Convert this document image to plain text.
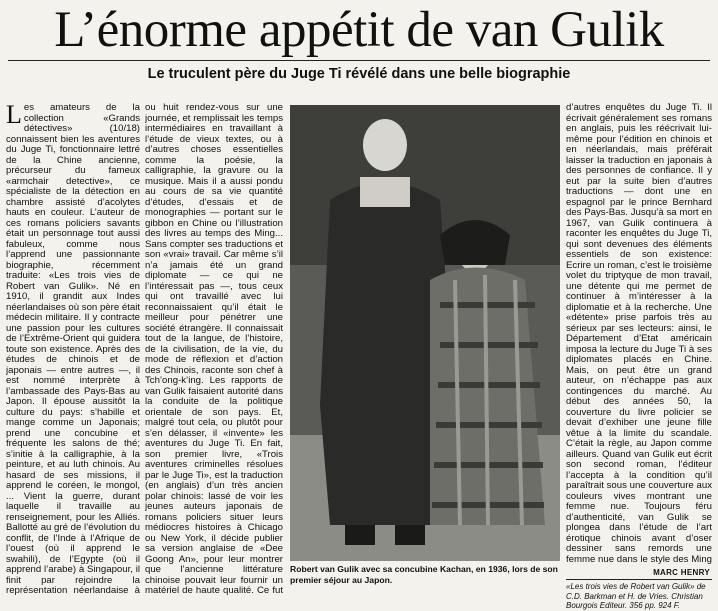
L’énorme appétit de van Gulik
Le truculent père du Juge Ti révélé dans une belle biographie

Les amateurs de la collection «Grands détectives» (10/18) connaissent bien les aventures du Juge Ti, fonctionnaire lettré de la Chine ancienne, précurseur du fameux «armchair detective», ce spécialiste de la détection en chambre assisté d’acolytes hauts en couleur. L’auteur de ces romans policiers savants était un personnage tout aussi fabuleux, comme nous l’apprend une passionnante biographie, récemment traduite: «Les trois vies de Robert van Gulik». Né en 1910, il grandit aux Indes néerlandaises où son père était médecin militaire. Il y contracte une passion pour les cultures de l’Extrême-Orient qui guidera toute son existence. Après des études de chinois et de japonais — entre autres —, il est nommé interprète à l’ambassade des Pays-Bas au Japon. Il épouse aussitôt la culture du pays: s’habille et mange comme un Japonais; prend une concubine et fréquente les salons de thé; s’initie à la calligraphie, à la peinture, et au luth chinois. Au hasard de ses missions, il apprend le coréen, le mongol, ... Vient la guerre, durant laquelle il travaille au renseignement, pour les Alliés. Ballotté au gré de l’évolution du conflit, de l’Inde à l’Afrique de l’ouest (où il apprend le swahili), de l’Egypte (où il apprend l’arabe) à Singapour, il finit par rejoindre la représentation néerlandaise à

ou huit rendez-vous sur une journée, et remplissait les temps intermédiaires en travaillant à l’étude de vieux textes, ou à d’autres choses essentielles comme la poésie, la calligraphie, la gravure ou la musique. Mais il a aussi pondu au cours de sa vie quantité d’études, d’essais et de monographies — portant sur le gibbon en Chine ou l’illustration des livres au temps des Ming... Sans compter ses traductions et son «vrai» travail. Car même s’il n’a jamais été un grand diplomate — ce qui ne l’intéressait pas —, tous ceux qui ont travaillé avec lui reconnaissaient qu’il était le meilleur pour pénétrer une société étrangère. Il connaissait tout de la langue, de l’histoire, de la civilisation, de la vie, du mode de réflexion et d’action des Chinois, raconte son chef à Tch’ong-k’ing. Les rapports de van Gulik faisaient autorité dans la conduite de la politique orientale de son pays. Et, malgré tout cela, ou plutôt pour s’en délasser, il «invente» les aventures du Juge Ti. En fait, son premier livre, «Trois aventures criminelles résolues par le Juge Ti», est la traduction (en anglais) d’un très ancien polar chinois: lassé de voir les jeunes auteurs japonais de romans policiers situer leurs médiocres histoires à Chicago ou New York, il décide publier sa version anglaise de «Dee Goong An», pour leur montrer que l’ancienne littérature chinoise pouvait leur fournir un matériel de haute qualité. Ce fut

Robert van Gulik avec sa concubine Kachan, en 1936, lors de son premier séjour au Japon.

d’autres enquêtes du Juge Ti. Il écrivait généralement ses romans en anglais, puis les réécrivait lui-même pour l’édition en chinois et en néerlandais, mais préférait laisser la traduction en japonais à des personnes de confiance. Il y eut par la suite bien d’autres traductions — dont une en espagnol par le prince Bernhard des Pays-Bas. Jusqu’à sa mort en 1967, van Gulik continuera à raconter les enquêtes du Juge Ti, qui sont devenues des éléments essentiels de son existence: Ecrire un roman, c’est le troisième volet du triptyque de mon travail, une détente qui me permet de continuer à m’intéresser à la diplomatie et à la recherche. Une «détente» prise parfois très au sérieux par ses lecteurs: ainsi, le Département d’Etat américain imposa la lecture du Juge Ti à ses diplomates placés en Chine. Mais, on peut être un grand auteur, on n’échappe pas aux contingences du marché. Au début des années 50, la couverture du livre policier se devait d’exhiber une jeune fille vêtue à la limite du scandale. C’était la règle, au Japon comme ailleurs. Quand van Gulik eut écrit son second roman, l’éditeur l’accepta à la condition qu’il paraîtrait sous une couverture aux couleurs vives montrant une femme nue. Toujours féru d’authenticité, van Gulik se plongea dans l’étude de l’art érotique chinois avant d’oser dessiner sans remords une femme nue dans le style des Ming

MARC HENRY
«Les trois vies de Robert van Gulik» de C.D. Barkman et H. de Vries. Christian Bourgois Editeur. 356 pp. 924 F.
